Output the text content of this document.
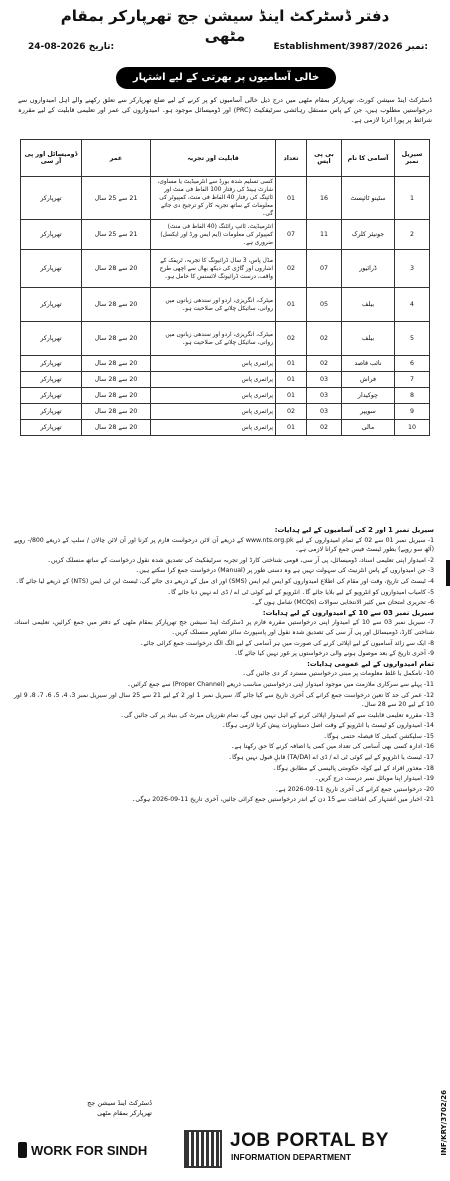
دفتر ڈسٹرکٹ اینڈ سیشن جج تھرپارکر بمقام مٹھی
Establishment/3987/2026 نمبر:
24-08-2026 تاریخ:
خالی آسامیوں پر بھرتی کے لیے اشتہار
ڈسٹرکٹ اینڈ سیشن کورٹ، تھرپارکر بمقام مٹھی میں درج ذیل خالی آسامیوں کو پر کرنے کے لیے ضلع تھرپارکر سے تعلق رکھنے والے اہل امیدواروں سے درخواستیں مطلوب ہیں، جن کے پاس مستقل رہائشی سرٹیفکیٹ (PRC) اور ڈومیسائل موجود ہو۔ امیدواروں کی عمر اور تعلیمی قابلیت کے لیے مقررہ شرائط پر پورا اترنا لازمی ہے۔
سیریل نمبر	آسامی کا نام	بی پی ایس	تعداد	قابلیت اور تجربہ	عمر	ڈومیسائل اور پی آر سی
1	سٹینو ٹائپسٹ	16	01	کسی تسلیم شدہ بورڈ سے انٹرمیڈیٹ یا مساوی، شارٹ ہینڈ کی رفتار 100 الفاظ فی منٹ اور ٹائپنگ کی رفتار 40 الفاظ فی منٹ، کمپیوٹر کی معلومات کے ساتھ تجربہ کار کو ترجیح دی جائے گی۔	21 سے 25 سال	تھرپارکر
2	جونیئر کلرک	11	07	انٹرمیڈیٹ، ٹائپ رائٹنگ (40 الفاظ فی منٹ) کمپیوٹر کی معلومات (ایم ایس ورڈ اور ایکسل) ضروری ہے۔	21 سے 25 سال	تھرپارکر
3	ڈرائیور	07	02	مڈل پاس، 3 سال ڈرائیونگ کا تجربہ، ٹریفک کے اشاروں اور گاڑی کی دیکھ بھال سے اچھی طرح واقف، درست ڈرائیونگ لائسنس کا حامل ہو۔	20 سے 28 سال	تھرپارکر
4	بیلف	05	01	میٹرک، انگریزی، اردو اور سندھی زبانوں میں روانی، سائیکل چلانے کی صلاحیت ہو۔	20 سے 28 سال	تھرپارکر
5	بیلف	02	02	میٹرک، انگریزی، اردو اور سندھی زبانوں میں روانی، سائیکل چلانے کی صلاحیت ہو۔	20 سے 28 سال	تھرپارکر
6	نائب قاصد	02	01	پرائمری پاس	20 سے 28 سال	تھرپارکر
7	فراش	03	01	پرائمری پاس	20 سے 28 سال	تھرپارکر
8	چوکیدار	03	01	پرائمری پاس	20 سے 28 سال	تھرپارکر
9	سویپر	03	02	پرائمری پاس	20 سے 28 سال	تھرپارکر
10	مالی	02	01	پرائمری پاس	20 سے 28 سال	تھرپارکر
سیریل نمبر 1 اور 2 کی آسامیوں کے لیے ہدایات:
1- سیریل نمبر 01 سے 02 کے تمام امیدواروں کے لیے www.nts.org.pk کے ذریعے آن لائن درخواست فارم پر کرنا اور آن لائن چالان / سلپ کے ذریعے 800/- روپے (آٹھ سو روپے) بطور ٹیسٹ فیس جمع کرانا لازمی ہے۔
2- امیدوار اپنی تعلیمی اسناد، ڈومیسائل، پی آر سی، قومی شناختی کارڈ اور تجربہ سرٹیفکیٹ کی تصدیق شدہ نقول درخواست کے ساتھ منسلک کریں۔
3- جن امیدواروں کے پاس انٹرنیٹ کی سہولت نہیں ہے وہ دستی طور پر (Manual) درخواست جمع کرا سکتے ہیں۔
4- ٹیسٹ کی تاریخ، وقت اور مقام کی اطلاع امیدواروں کو ایس ایم ایس (SMS) اور ای میل کے ذریعے دی جائے گی، ٹیسٹ این ٹی ایس (NTS) کے ذریعے لیا جائے گا۔
5- کامیاب امیدواروں کو انٹرویو کے لیے بلایا جائے گا۔ انٹرویو کے لیے کوئی ٹی اے / ڈی اے نہیں دیا جائے گا۔
6- تحریری امتحان میں کثیر الانتخابی سوالات (MCQs) شامل ہوں گے۔
سیریل نمبر 03 سے 10 کے امیدواروں کے لیے ہدایات:
7- سیریل نمبر 03 سے 10 کے امیدوار اپنی درخواستیں مقررہ فارم پر ڈسٹرکٹ اینڈ سیشن جج تھرپارکر بمقام مٹھی کے دفتر میں جمع کرائیں، تعلیمی اسناد، شناختی کارڈ، ڈومیسائل اور پی آر سی کی تصدیق شدہ نقول اور پاسپورٹ سائز تصاویر منسلک کریں۔
8- ایک سے زائد آسامیوں کے لیے اپلائی کرنے کی صورت میں ہر آسامی کے لیے الگ الگ درخواست جمع کرائی جائے۔
9- آخری تاریخ کے بعد موصول ہونے والی درخواستوں پر غور نہیں کیا جائے گا۔
تمام امیدواروں کے لیے عمومی ہدایات:
10- نامکمل یا غلط معلومات پر مبنی درخواستیں مسترد کر دی جائیں گی۔
11- پہلے سے سرکاری ملازمت میں موجود امیدوار اپنی درخواستیں مناسب ذریعے (Proper Channel) سے جمع کرائیں۔
12- عمر کی حد کا تعین درخواست جمع کرانے کی آخری تاریخ سے کیا جائے گا، سیریل نمبر 1 اور 2 کے لیے 21 سے 25 سال اور سیریل نمبر 3، 4، 5، 6، 7، 8، 9 اور 10 کے لیے 20 سے 28 سال۔
13- مقررہ تعلیمی قابلیت سے کم امیدوار اپلائی کرنے کے اہل نہیں ہوں گے، تمام تقرریاں میرٹ کی بنیاد پر کی جائیں گی۔
14- امیدواروں کو ٹیسٹ یا انٹرویو کے وقت اصل دستاویزات پیش کرنا لازمی ہوگا۔
15- سلیکشن کمیٹی کا فیصلہ حتمی ہوگا۔
16- ادارہ کسی بھی آسامی کی تعداد میں کمی یا اضافہ کرنے کا حق رکھتا ہے۔
17- ٹیسٹ یا انٹرویو کے لیے کوئی ٹی اے / ڈی اے (TA/DA) قابلِ قبول نہیں ہوگا۔
18- معذور افراد کے لیے کوٹہ حکومتی پالیسی کے مطابق ہوگا۔
19- امیدوار اپنا موبائل نمبر درست درج کریں۔
20- درخواستیں جمع کرانے کی آخری تاریخ 11-09-2026 ہے۔
21- اخبار میں اشتہار کی اشاعت سے 15 دن کے اندر درخواستیں جمع کرائی جائیں، آخری تاریخ 11-09-2026 ہوگی۔
ڈسٹرکٹ اینڈ سیشن جج
تھرپارکر بمقام مٹھی	INF/KRY/3702/26
WORK FOR SINDH	JOB PORTAL BY
INFORMATION DEPARTMENT
